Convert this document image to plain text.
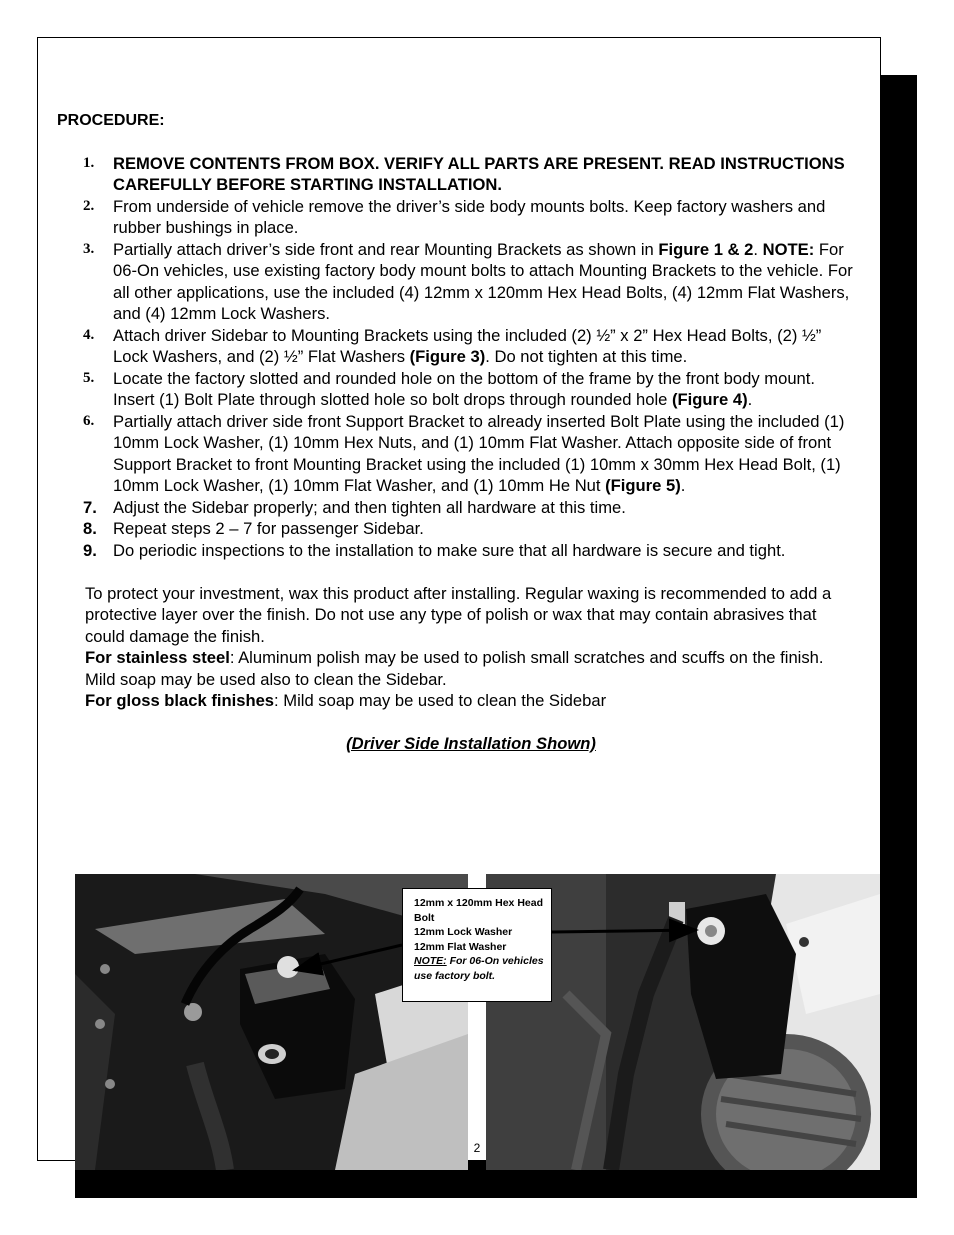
PROCEDURE:
1. REMOVE CONTENTS FROM BOX. VERIFY ALL PARTS ARE PRESENT. READ INSTRUCTIONS CAREFULLY BEFORE STARTING INSTALLATION.
2. From underside of vehicle remove the driver’s side body mounts bolts. Keep factory washers and rubber bushings in place.
3. Partially attach driver’s side front and rear Mounting Brackets as shown in Figure 1 & 2. NOTE: For 06-On vehicles, use existing factory body mount bolts to attach Mounting Brackets to the vehicle. For all other applications, use the included (4) 12mm x 120mm Hex Head Bolts, (4) 12mm Flat Washers, and (4) 12mm Lock Washers.
4. Attach driver Sidebar to Mounting Brackets using the included (2) ½” x 2” Hex Head Bolts, (2) ½” Lock Washers, and (2) ½” Flat Washers (Figure 3). Do not tighten at this time.
5. Locate the factory slotted and rounded hole on the bottom of the frame by the front body mount. Insert (1) Bolt Plate through slotted hole so bolt drops through rounded hole (Figure 4).
6. Partially attach driver side front Support Bracket to already inserted Bolt Plate using the included (1) 10mm Lock Washer, (1) 10mm Hex Nuts, and (1) 10mm Flat Washer. Attach opposite side of front Support Bracket to front Mounting Bracket using the included (1) 10mm x 30mm Hex Head Bolt, (1) 10mm Lock Washer, (1) 10mm Flat Washer, and (1) 10mm He Nut (Figure 5).
7. Adjust the Sidebar properly; and then tighten all hardware at this time.
8. Repeat steps 2 – 7 for passenger Sidebar.
9. Do periodic inspections to the installation to make sure that all hardware is secure and tight.

To protect your investment, wax this product after installing. Regular waxing is recommended to add a protective layer over the finish. Do not use any type of polish or wax that may contain abrasives that could damage the finish.

For stainless steel: Aluminum polish may be used to polish small scratches and scuffs on the finish. Mild soap may be used also to clean the Sidebar.

For gloss black finishes: Mild soap may be used to clean the Sidebar

(Driver Side Installation Shown)
12mm x 120mm Hex Head Bolt
12mm Lock Washer
12mm Flat Washer
NOTE: For 06-On vehicles use factory bolt.
2
